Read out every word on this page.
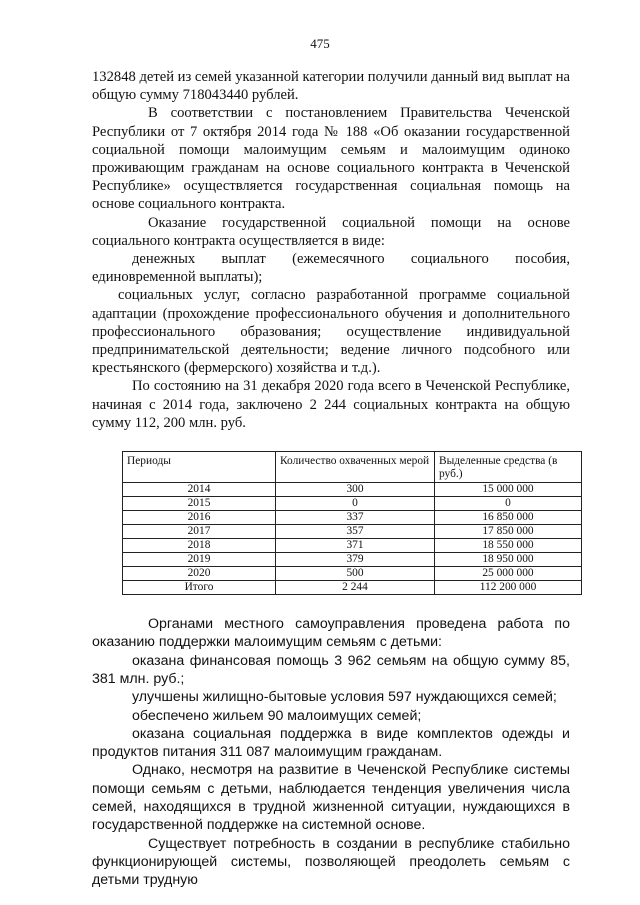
475

132848 детей из семей указанной категории получили данный вид выплат на общую сумму 718043440 рублей.

В соответствии с постановлением Правительства Чеченской Республики от 7 октября 2014 года № 188 «Об оказании государственной социальной помощи малоимущим семьям и малоимущим одиноко проживающим гражданам на основе социального контракта в Чеченской Республике» осуществляется государственная социальная помощь на основе социального контракта.

Оказание государственной социальной помощи на основе социального контракта осуществляется в виде:

денежных выплат (ежемесячного социального пособия, единовременной выплаты);

социальных услуг, согласно разработанной программе социальной адаптации (прохождение профессионального обучения и дополнительного профессионального образования; осуществление индивидуальной предпринимательской деятельности; ведение личного подсобного или крестьянского (фермерского) хозяйства и т.д.).

По состоянию на 31 декабря 2020 года всего в Чеченской Республике, начиная с 2014 года, заключено 2 244 социальных контракта на общую сумму 112, 200 млн. руб.

Периоды	Количество охваченных мерой	Выделенные средства (в руб.)
2014	300	15 000 000
2015	0	0
2016	337	16 850 000
2017	357	17 850 000
2018	371	18 550 000
2019	379	18 950 000
2020	500	25 000 000
Итого	2 244	112 200 000

Органами местного самоуправления проведена работа по оказанию поддержки малоимущим семьям с детьми:

оказана финансовая помощь 3 962 семьям на общую сумму 85, 381 млн. руб.;

улучшены жилищно-бытовые условия 597 нуждающихся семей;

обеспечено жильем 90 малоимущих семей;

оказана социальная поддержка в виде комплектов одежды и продуктов питания 311 087 малоимущим гражданам.

Однако, несмотря на развитие в Чеченской Республике системы помощи семьям с детьми, наблюдается тенденция увеличения числа семей, находящихся в трудной жизненной ситуации, нуждающихся в государственной поддержке на системной основе.

Существует потребность в создании в республике стабильно функционирующей системы, позволяющей преодолеть семьям с детьми трудную
